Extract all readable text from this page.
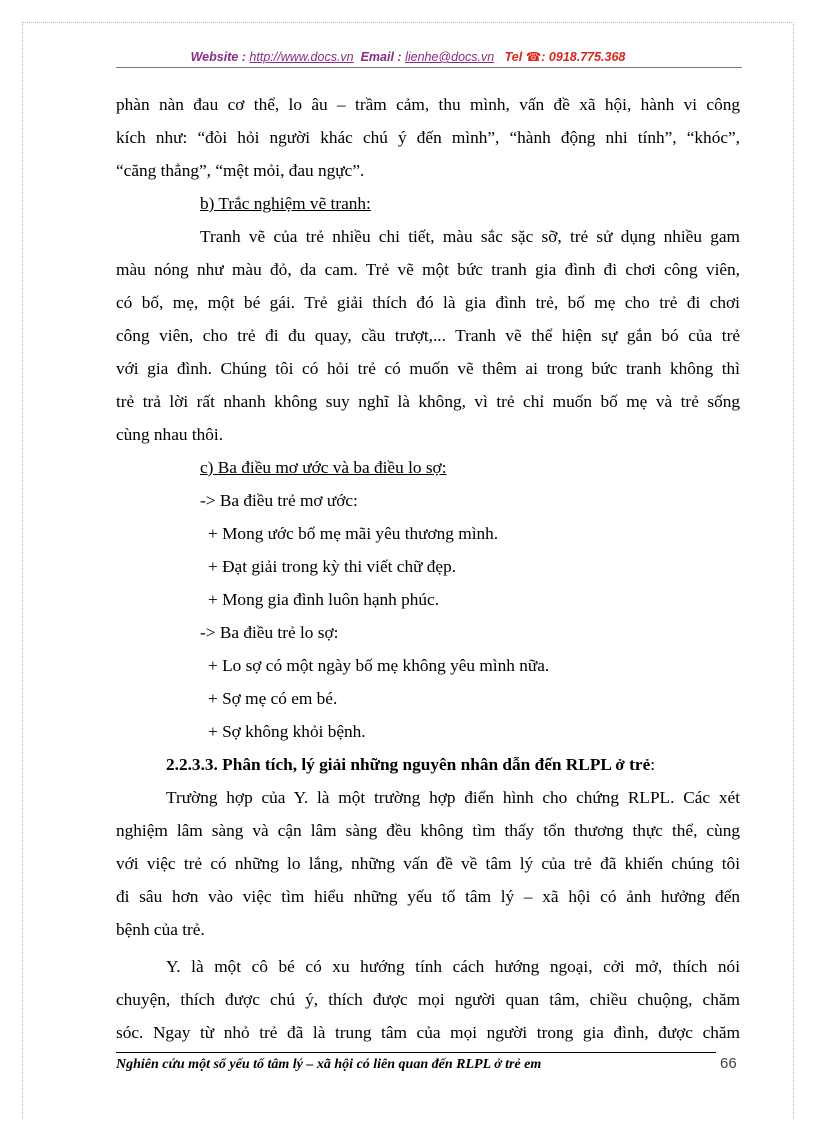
Website : http://www.docs.vn Email : lienhe@docs.vn Tel ☎: 0918.775.368
phàn nàn đau cơ thể, lo âu – trầm cảm, thu mình, vấn đề xã hội, hành vi công
kích như: “đòi hỏi người khác chú ý đến mình”, “hành động nhi tính”, “khóc”,
“căng thẳng”, “mệt mỏi, đau ngực”.
b) Trắc nghiệm vẽ tranh:
Tranh vẽ của trẻ nhiều chi tiết, màu sắc sặc sỡ, trẻ sử dụng nhiều gam
màu nóng như màu đỏ, da cam. Trẻ vẽ một bức tranh gia đình đi chơi công viên,
có bố, mẹ, một bé gái. Trẻ giải thích đó là gia đình trẻ, bố mẹ cho trẻ đi chơi
công viên, cho trẻ đi đu quay, cầu trượt,... Tranh vẽ thể hiện sự gắn bó của trẻ
với gia đình. Chúng tôi có hỏi trẻ có muốn vẽ thêm ai trong bức tranh không thì
trẻ trả lời rất nhanh không suy nghĩ là không, vì trẻ chỉ muốn bố mẹ và trẻ sống
cùng nhau thôi.
c) Ba điều mơ ước và ba điều lo sợ:
-> Ba điều trẻ mơ ước:
+ Mong ước bố mẹ mãi yêu thương mình.
+ Đạt giải trong kỳ thi viết chữ đẹp.
+ Mong gia đình luôn hạnh phúc.
-> Ba điều trẻ lo sợ:
+ Lo sợ có một ngày bố mẹ không yêu mình nữa.
+ Sợ mẹ có em bé.
+ Sợ không khỏi bệnh.
2.2.3.3. Phân tích, lý giải những nguyên nhân dẫn đến RLPL ở trẻ:
Trường hợp của Y. là một trường hợp điển hình cho chứng RLPL. Các xét
nghiệm lâm sàng và cận lâm sàng đều không tìm thấy tổn thương thực thể, cùng
với việc trẻ có những lo lắng, những vấn đề về tâm lý của trẻ đã khiến chúng tôi
đi sâu hơn vào việc tìm hiểu những yếu tố tâm lý – xã hội có ảnh hưởng đến
bệnh của trẻ.
Y. là một cô bé có xu hướng tính cách hướng ngoại, cởi mở, thích nói
chuyện, thích được chú ý, thích được mọi người quan tâm, chiều chuộng, chăm
sóc. Ngay từ nhỏ trẻ đã là trung tâm của mọi người trong gia đình, được chăm
Nghiên cứu một số yếu tố tâm lý – xã hội có liên quan đến RLPL ở trẻ em	66
